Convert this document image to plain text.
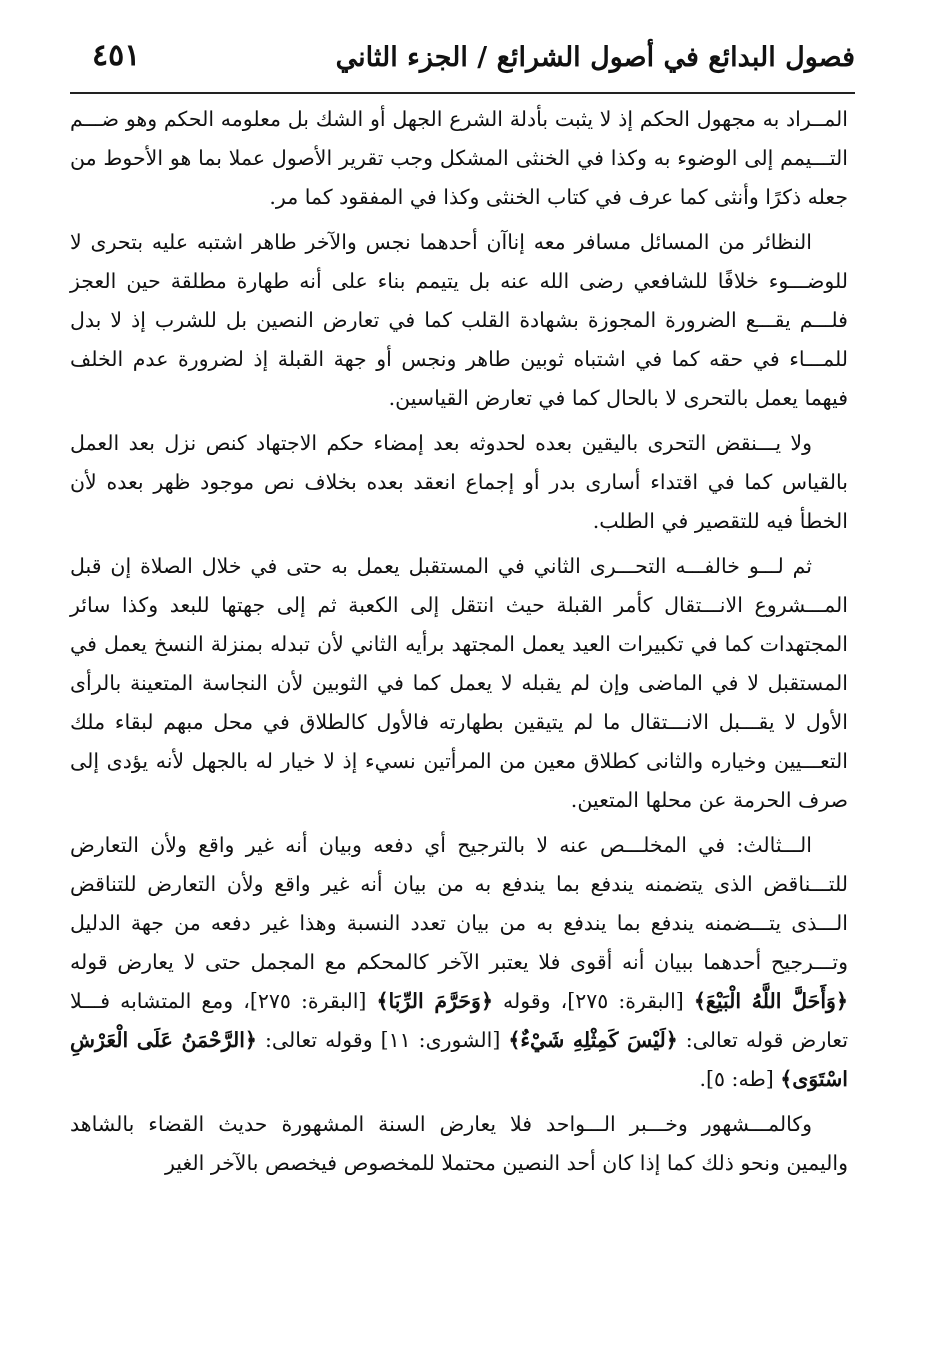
فصول البدائع في أصول الشرائع / الجزء الثاني
٤٥١

المــراد به مجهول الحكم إذ لا يثبت بأدلة الشرع الجهل أو الشك بل معلومه الحكم وهو ضـــم التـــيمم إلى الوضوء به وكذا في الخنثى المشكل وجب تقرير الأصول عملا بما هو الأحوط من جعله ذكرًا وأنثى كما عرف في كتاب الخنثى وكذا في المفقود كما مر.

النظائر من المسائل مسافر معه إناآن أحدهما نجس والآخر طاهر اشتبه عليه بتحرى لا للوضـــوء خلافًا للشافعي رضى الله عنه بل يتيمم بناء على أنه طهارة مطلقة حين العجز فلـــم يقـــع الضرورة المجوزة بشهادة القلب كما في تعارض النصين بل للشرب إذ لا بدل للمـــاء في حقه كما في اشتباه ثوبين طاهر ونجس أو جهة القبلة إذ لضرورة عدم الخلف فيهما يعمل بالتحرى لا بالحال كما في تعارض القياسين.

ولا يـــنقض التحرى باليقين بعده لحدوثه بعد إمضاء حكم الاجتهاد كنص نزل بعد العمل بالقياس كما في اقتداء أسارى بدر أو إجماع انعقد بعده بخلاف نص موجود ظهر بعده لأن الخطأ فيه للتقصير في الطلب.

ثم لـــو خالفـــه التحـــرى الثاني في المستقبل يعمل به حتى في خلال الصلاة إن قبل المـــشروع الانـــتقال كأمر القبلة حيث انتقل إلى الكعبة ثم إلى جهتها للبعد وكذا سائر المجتهدات كما في تكبيرات العيد يعمل المجتهد برأيه الثاني لأن تبدله بمنزلة النسخ يعمل في المستقبل لا في الماضى وإن لم يقبله لا يعمل كما في الثوبين لأن النجاسة المتعينة بالرأى الأول لا يقـــبل الانـــتقال ما لم يتيقين بطهارته فالأول كالطلاق في محل مبهم لبقاء ملك التعـــيين وخياره والثانى كطلاق معين من المرأتين نسيء إذ لا خيار له بالجهل لأنه يؤدى إلى صرف الحرمة عن محلها المتعين.

الـــثالث: في المخلـــص عنه لا بالترجيح أي دفعه وبيان أنه غير واقع ولأن التعارض للتـــناقض الذى يتضمنه يندفع بما يندفع به من بيان أنه غير واقع ولأن التعارض للتناقض الـــذى يتـــضمنه يندفع بما يندفع به من بيان تعدد النسبة وهذا غير دفعه من جهة الدليل وتـــرجيح أحدهما ببيان أنه أقوى فلا يعتبر الآخر كالمحكم مع المجمل حتى لا يعارض قوله ﴿وَأَحَلَّ اللَّهُ الْبَيْعَ﴾ [البقرة: ٢٧٥]، وقوله ﴿وَحَرَّمَ الرِّبَا﴾ [البقرة: ٢٧٥]، ومع المتشابه فـــلا تعارض قوله تعالى: ﴿لَيْسَ كَمِثْلِهِ شَيْءٌ﴾ [الشورى: ١١] وقوله تعالى: ﴿الرَّحْمَنُ عَلَى الْعَرْشِ اسْتَوَى﴾ [طه: ٥].

وكالمـــشهور وخـــبر الـــواحد فلا يعارض السنة المشهورة حديث القضاء بالشاهد واليمين ونحو ذلك كما إذا كان أحد النصين محتملا للمخصوص فيخصص بالآخر الغير
